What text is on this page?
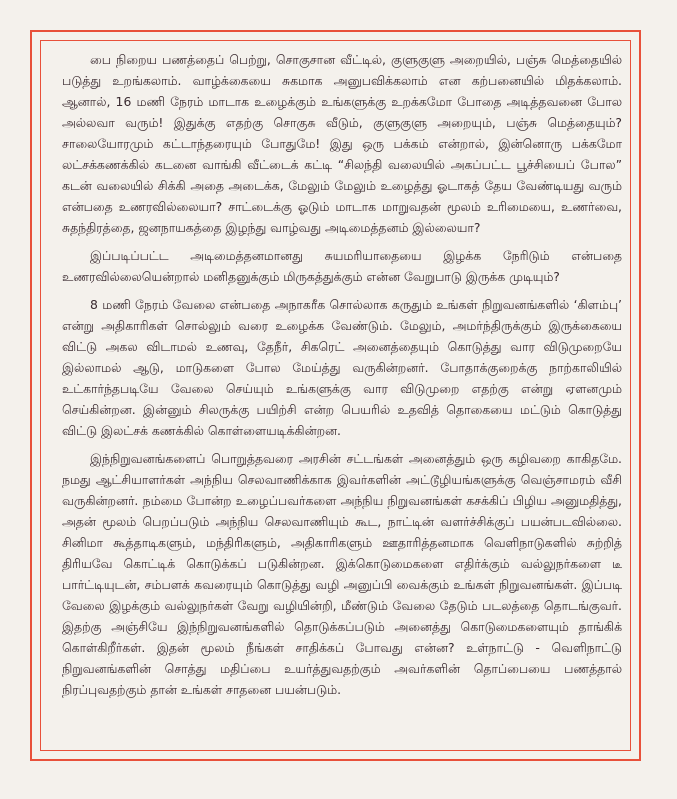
பை நிறைய பணத்தைப் பெற்று, சொகுசான வீட்டில், குளுகுளு அறையில், பஞ்சு மெத்தையில் படுத்து உறங்கலாம். வாழ்க்கையை சுகமாக அனுபவிக்கலாம் என கற்பனையில் மிதக்கலாம். ஆனால், 16 மணி நேரம் மாடாக உழைக்கும் உங்களுக்கு உறக்கமோ போதை அடித்தவனை போல அல்லவா வரும்! இதுக்கு எதற்கு சொகுசு வீடும், குளுகுளு அறையும், பஞ்சு மெத்தையும்? சாலையோரமும் கட்டாந்தரையும் போதுமே! இது ஒரு பக்கம் என்றால், இன்னொரு பக்கமோ லட்சக்கணக்கில் கடனை வாங்கி வீட்டைக் கட்டி “சிலந்தி வலையில் அகப்பட்ட பூச்சியைப் போல” கடன் வலையில் சிக்கி அதை அடைக்க, மேலும் மேலும் உழைத்து ஓடாகத் தேய வேண்டியது வரும் என்பதை உணரவில்லையா? சாட்டைக்கு ஓடும் மாடாக மாறுவதன் மூலம் உரிமையை, உணர்வை, சுதந்திரத்தை, ஜனநாயகத்தை இழந்து வாழ்வது அடிமைத்தனம் இல்லையா?

இப்படிப்பட்ட அடிமைத்தனமானது சுயமரியாதையை இழக்க நேரிடும் என்பதை உணரவில்லையென்றால் மனிதனுக்கும் மிருகத்துக்கும் என்ன வேறுபாடு இருக்க முடியும்?

8 மணி நேரம் வேலை என்பதை அநாகரீக சொல்லாக கருதும் உங்கள் நிறுவனங்களில் ‘கிளம்பு’ என்று அதிகாரிகள் சொல்லும் வரை உழைக்க வேண்டும். மேலும், அமர்ந்திருக்கும் இருக்கையை விட்டு அகல விடாமல் உணவு, தேநீர், சிகரெட் அனைத்தையும் கொடுத்து வார விடுமுறையே இல்லாமல் ஆடு, மாடுகளை போல மேய்த்து வருகின்றனர். போதாக்குறைக்கு நாற்காலியில் உட்கார்ந்தபடியே வேலை செய்யும் உங்களுக்கு வார விடுமுறை எதற்கு என்று ஏளனமும் செய்கின்றன. இன்னும் சிலருக்கு பயிற்சி என்ற பெயரில் உதவித் தொகையை மட்டும் கொடுத்து விட்டு இலட்சக் கணக்கில் கொள்ளையடிக்கின்றன.

இந்நிறுவனங்களைப் பொறுத்தவரை அரசின் சட்டங்கள் அனைத்தும் ஒரு கழிவறை காகிதமே. நமது ஆட்சியாளர்கள் அந்நிய செலவாணிக்காக இவர்களின் அட்டூழியங்களுக்கு வெஞ்சாமரம் வீசி வருகின்றனர். நம்மை போன்ற உழைப்பவர்களை அந்நிய நிறுவனங்கள் கசக்கிப் பிழிய அனுமதித்து, அதன் மூலம் பெறப்படும் அந்நிய செலவாணியும் கூட, நாட்டின் வளர்ச்சிக்குப் பயன்படவில்லை. சினிமா கூத்தாடிகளும், மந்திரிகளும், அதிகாரிகளும் ஊதாரித்தனமாக வெளிநாடுகளில் சுற்றித் திரியவே கொட்டிக் கொடுக்கப் படுகின்றன. இக்கொடுமைகளை எதிர்க்கும் வல்லுநர்களை டீ பார்ட்டியுடன், சம்பளக் கவரையும் கொடுத்து வழி அனுப்பி வைக்கும் உங்கள் நிறுவனங்கள். இப்படி வேலை இழக்கும் வல்லுநர்கள் வேறு வழியின்றி, மீண்டும் வேலை தேடும் படலத்தை தொடங்குவர். இதற்கு அஞ்சியே இந்நிறுவனங்களில் தொடுக்கப்படும் அனைத்து கொடுமைகளையும் தாங்கிக் கொள்கிறீர்கள். இதன் மூலம் நீங்கள் சாதிக்கப் போவது என்ன? உள்நாட்டு - வெளிநாட்டு நிறுவனங்களின் சொத்து மதிப்பை உயர்த்துவதற்கும் அவர்களின் தொப்பையை பணத்தால் நிரப்புவதற்கும் தான் உங்கள் சாதனை பயன்படும்.
